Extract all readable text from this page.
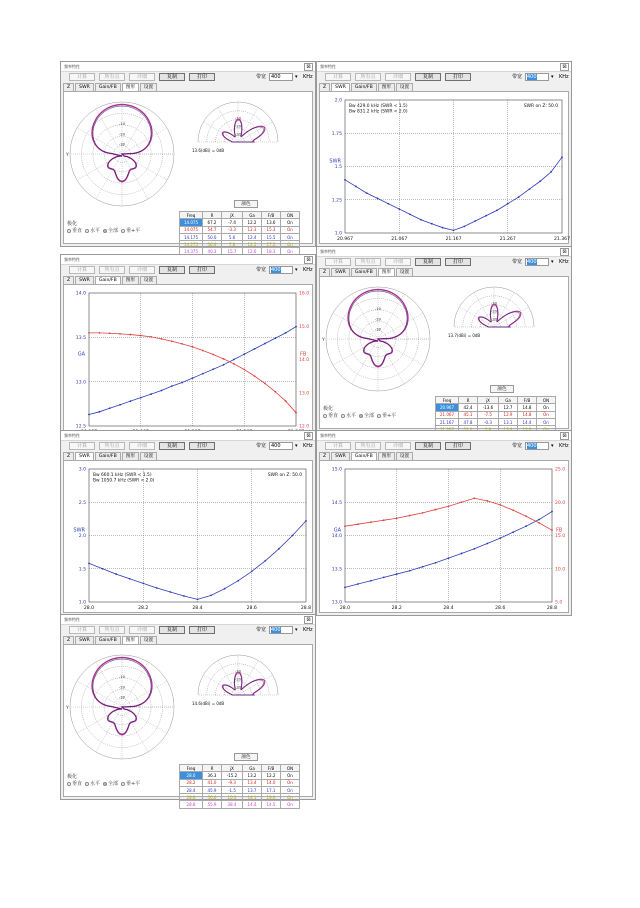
频率特性	⊠
计算	所有点	详细	复制	打印	带宽 400	▾ KHz
Z SWR Gain/FB 图形 设置
-10
-20
-30
Y
-10
-20
-30
13.6(dBi) = 0dB
颜色
Freq	R	jX	Ga	F/B	ON
14.075	67.2	-7.4	12.2	13.6	On
14.075	54.7	-3.3	12.3	15.3	On
14.175	50.0	5.6	12.4	15.5	On
14.275	56.9	7.8	12.5	17.2	On
14.375	40.3	15.7	12.6	18.3	On
极化
垂直 水平 全部 垂+平
频率特性	⊠
计算	所有点	详细	复制	打印	带宽 400	▾ KHz
Z SWR Gain/FB 图形 设置
20.967	21.067	21.167	21.267	21.367
1.0
1.25
1.5
1.75
2.0
SWR
Bw 429.0 kHz (SWR < 1.5)
Bw 831.2 kHz (SWR < 2.0)
SWR on Z: 50.0
频率特性	⊠
计算	所有点	详细	复制	打印	带宽 400	▾ KHz
Z SWR Gain/FB 图形 设置
12.5
13.0
13.5
14.0
12.0
13.0
14.0
15.0
16.0
GA	FB
频率特性	⊠
计算	所有点	详细	复制	打印	带宽 400	▾ KHz
Z SWR Gain/FB 图形 设置
-10
-20
-30
Y
-10
-20
-30
13.7(dBi) = 0dB
颜色
Freq	R	jX	Ga	F/B	ON
20.967	42.4	-13.6	12.7	14.8	On
21.067	45.1	-7.5	12.9	14.8	On
21.167	47.8	-0.3	13.1	14.4	On

极化
垂直 水平 全部 垂+平
频率特性	⊠
计算	所有点	详细	复制	打印	带宽 400	▾ KHz
Z SWR Gain/FB 图形 设置
28.0	28.2	28.4	28.6	28.8
1.0
1.5
2.0
2.5
3.0
SWR
Bw 660.1 kHz (SWR < 1.5)
Bw 1050.7 kHz (SWR < 2.0)
SWR on Z: 50.0
频率特性	⊠
计算	所有点	详细	复制	打印	带宽 400	▾ KHz
Z SWR Gain/FB 图形 设置
28.0	28.2	28.4	28.6	28.8
13.0
13.5
14.0
14.5
15.0
5.0
10.0
15.0
20.0
25.0
GA	FB
频率特性	⊠
计算	所有点	详细	复制	打印	带宽 400	▾ KHz
Z SWR Gain/FB 图形 设置
-10
-20
-30
Y
-10
-20
-30
14.6(dBi) = 0dB
颜色
Freq	R	jX	Ga	F/B	ON
28.0	36.3	-15.2	13.2	12.2	On
28.2	41.0	-9.3	13.4	14.0	On
28.4	45.9	-1.5	13.7	17.1	On
28.6	50.6	10.3	14.1	19.0	On
28.8	55.9	38.4	14.4	14.5	On
极化
垂直 水平 全部 垂+平
